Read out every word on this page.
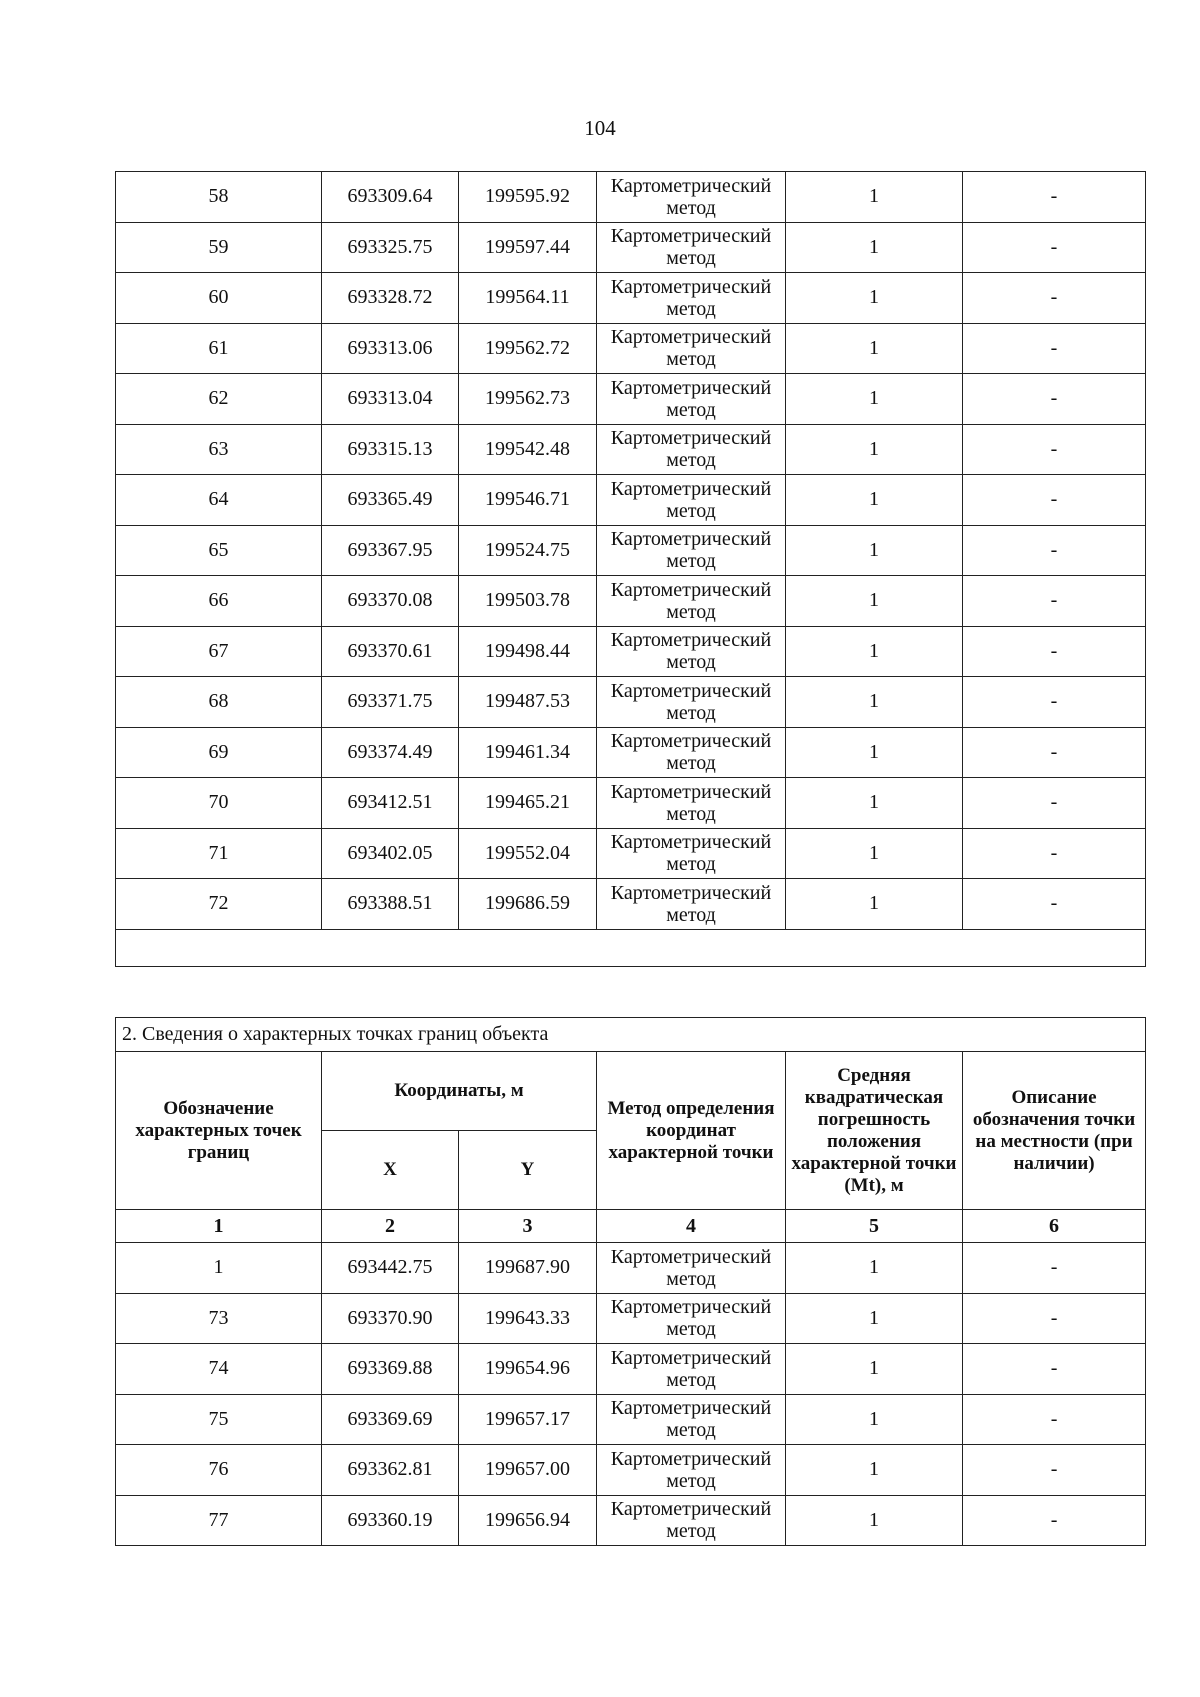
104
58	693309.64	199595.92	Картометрический метод	1	-
59	693325.75	199597.44	Картометрический метод	1	-
60	693328.72	199564.11	Картометрический метод	1	-
61	693313.06	199562.72	Картометрический метод	1	-
62	693313.04	199562.73	Картометрический метод	1	-
63	693315.13	199542.48	Картометрический метод	1	-
64	693365.49	199546.71	Картометрический метод	1	-
65	693367.95	199524.75	Картометрический метод	1	-
66	693370.08	199503.78	Картометрический метод	1	-
67	693370.61	199498.44	Картометрический метод	1	-
68	693371.75	199487.53	Картометрический метод	1	-
69	693374.49	199461.34	Картометрический метод	1	-
70	693412.51	199465.21	Картометрический метод	1	-
71	693402.05	199552.04	Картометрический метод	1	-
72	693388.51	199686.59	Картометрический метод	1	-

2. Сведения о характерных точках границ объекта					
Обозначение характерных точек границ	Координаты, м		Метод определения координат характерной точки	Средняя квадратическая погрешность положения характерной точки (Mt), м	Описание обозначения точки на местности (при наличии)
	X	Y			
1	2	3	4	5	6
1	693442.75	199687.90	Картометрический метод	1	-
73	693370.90	199643.33	Картометрический метод	1	-
74	693369.88	199654.96	Картометрический метод	1	-
75	693369.69	199657.17	Картометрический метод	1	-
76	693362.81	199657.00	Картометрический метод	1	-
77	693360.19	199656.94	Картометрический метод	1	-
